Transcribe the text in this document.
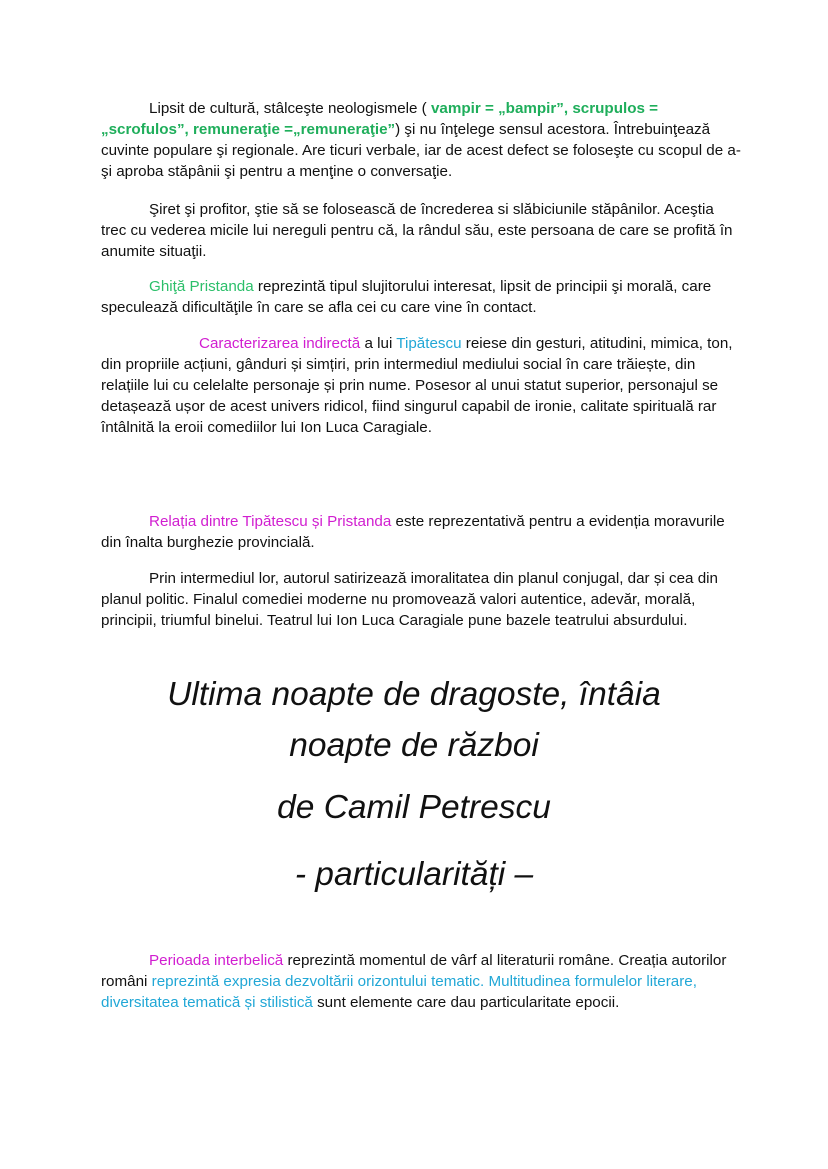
Lipsit de cultură, stâlceşte neologismele ( vampir = „bampir”, scrupulos = „scrofulos”, remuneraţie =„remuneraţie”) şi nu înţelege sensul acestora. Întrebuinţează cuvinte populare şi regionale. Are ticuri verbale, iar de acest defect se foloseşte cu scopul de a-şi aproba stăpânii şi pentru a menţine o conversaţie.

Şiret şi profitor, ştie să se folosească de încrederea si slăbiciunile stăpânilor. Aceştia trec cu vederea micile lui nereguli pentru că, la rândul său, este persoana de care se profită în anumite situaţii.

Ghiţă Pristanda reprezintă tipul slujitorului interesat, lipsit de principii şi morală, care speculează dificultăţile în care se afla cei cu care vine în contact.

Caracterizarea indirectă a lui Tipătescu reiese din gesturi, atitudini, mimica, ton, din propriile acțiuni, gânduri și simțiri, prin intermediul mediului social în care trăiește, din relațiile lui cu celelalte personaje și prin nume. Posesor al unui statut superior, personajul se detașează ușor de acest univers ridicol, fiind singurul capabil de ironie, calitate spirituală rar întâlnită la eroii comediilor lui Ion Luca Caragiale.

Relația dintre Tipătescu și Pristanda este reprezentativă pentru a evidenția moravurile din înalta burghezie provincială.

Prin intermediul lor, autorul satirizează imoralitatea din planul conjugal, dar și cea din planul politic. Finalul comediei moderne nu promovează valori autentice, adevăr, morală, principii, triumful binelui. Teatrul lui Ion Luca Caragiale pune bazele teatrului absurdului.

Ultima noapte de dragoste, întâia

noapte de război

de Camil Petrescu

- particularități –

Perioada interbelică reprezintă momentul de vârf al literaturii române. Creația autorilor români reprezintă expresia dezvoltării orizontului tematic. Multitudinea formulelor literare, diversitatea tematică și stilistică sunt elemente care dau particularitate epocii.
